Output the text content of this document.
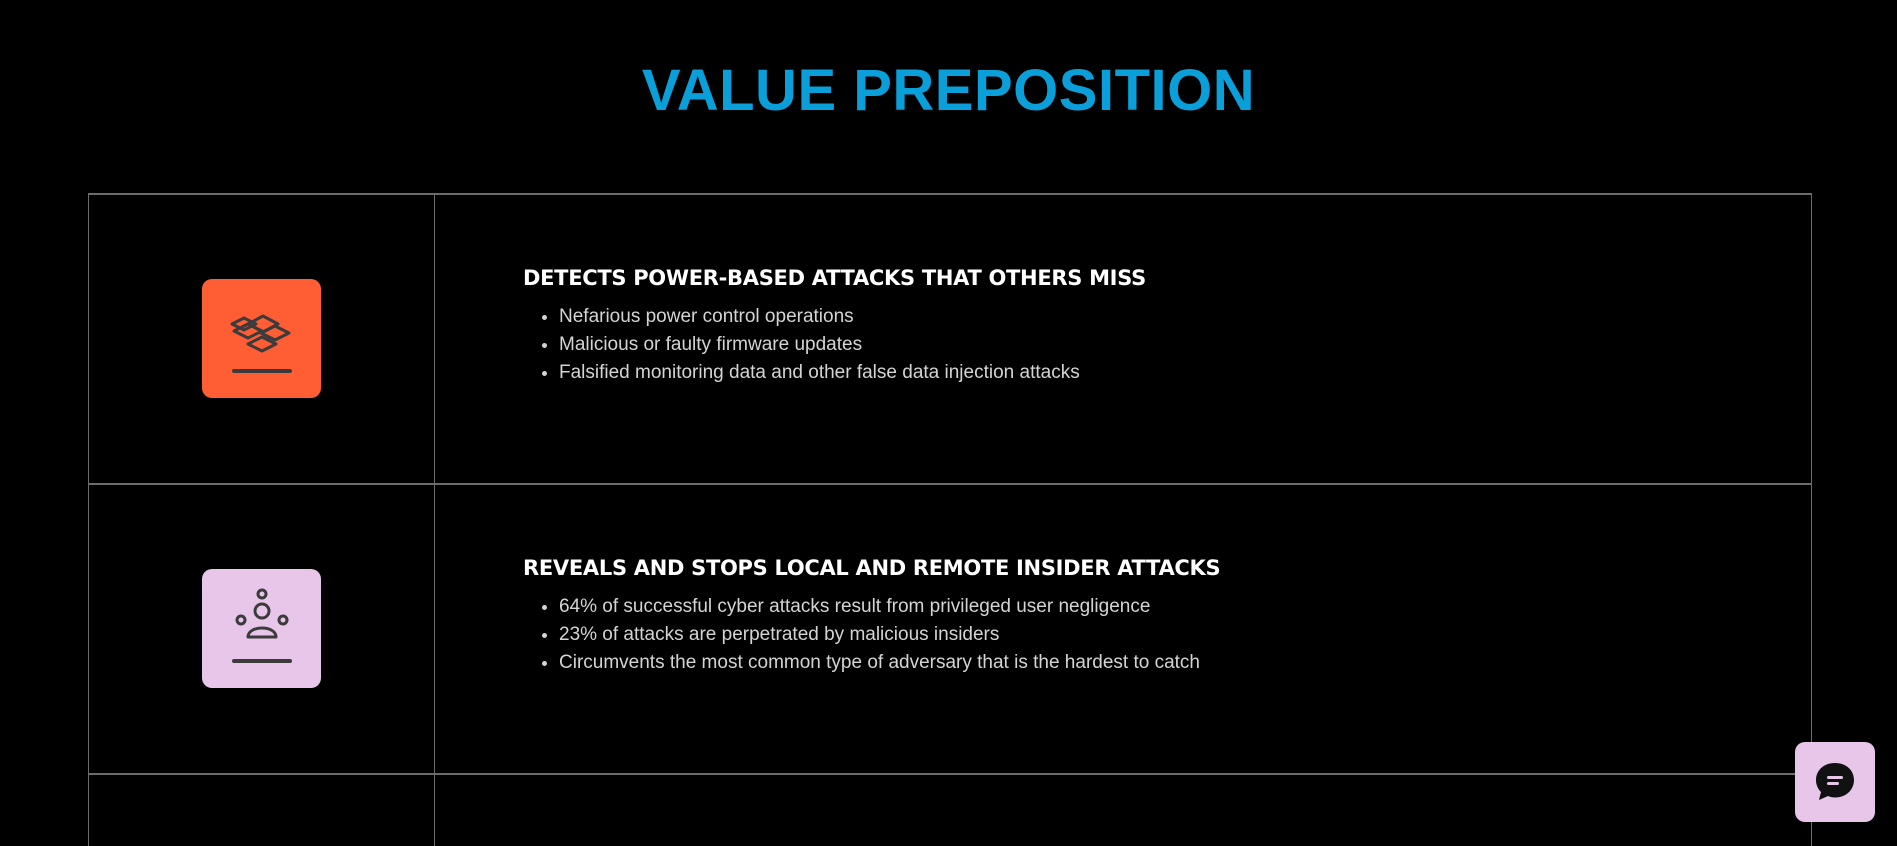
VALUE PREPOSITION
DETECTS POWER-BASED ATTACKS THAT OTHERS MISS
• Nefarious power control operations
• Malicious or faulty firmware updates
• Falsified monitoring data and other false data injection attacks
REVEALS AND STOPS LOCAL AND REMOTE INSIDER ATTACKS
• 64% of successful cyber attacks result from privileged user negligence
• 23% of attacks are perpetrated by malicious insiders
• Circumvents the most common type of adversary that is the hardest to catch
